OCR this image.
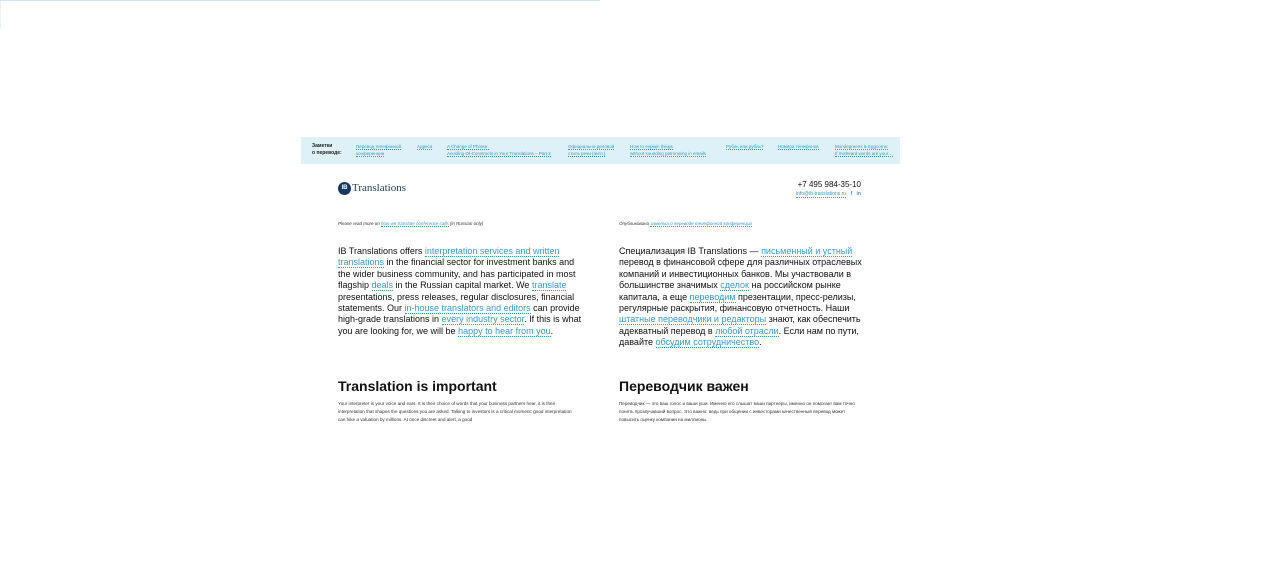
Заметки
о переводе:
Перевод телефонной
конференции
Адреса	A Change of Phrase:
Avoiding Of-Constructs in Your Translations – Part 2
Официально-деловой
стиль речи (англ.)
How to explain things
without sounding patronising in emails
Рубль или рубль?	Номера телефонов	Mondegreens & Eggcorns:
If misheard words are your…
IB Translations	+7 495 984-35-10
info@ib-translations.ru f in
Please read more on how we translate conference calls (in Russian only)
IB Translations offers interpretation services and written translations in the financial sector for investment banks and the wider business community, and has participated in most flagship deals in the Russian capital market. We translate presentations, press releases, regular disclosures, financial statements. Our in-house translators and editors can provide high-grade translations in every industry sector. If this is what you are looking for, we will be happy to hear from you.
Опубликована заметка о переводе телефонной конференции
Специализация IB Translations — письменный и устный перевод в финансовой сфере для различных отраслевых компаний и инвестиционных банков. Мы участвовали в большинстве значимых сделок на российском рынке капитала, а еще переводим презентации, пресс-релизы, регулярные раскрытия, финансовую отчетность. Наши штатные переводчики и редакторы знают, как обеспечить адекватный перевод в любой отрасли. Если нам по пути, давайте обсудим сотрудничество.
Translation is important	Переводчик важен
Your interpreter is your voice and ears. It is their choice of words that your business partners hear, it is their interpretation that shapes the questions you are asked. Talking to investors is a critical moment: good interpretation can hike a valuation by millions. At once discreet and alert, a good
Переводчик — это ваш голос и ваши уши. Именно его слышат ваши партнеры, именно он помогает вам точно понять прозвучавший вопрос. Это важно: ведь при общении с инвесторами качественный перевод может повысить оценку компании на миллионы
